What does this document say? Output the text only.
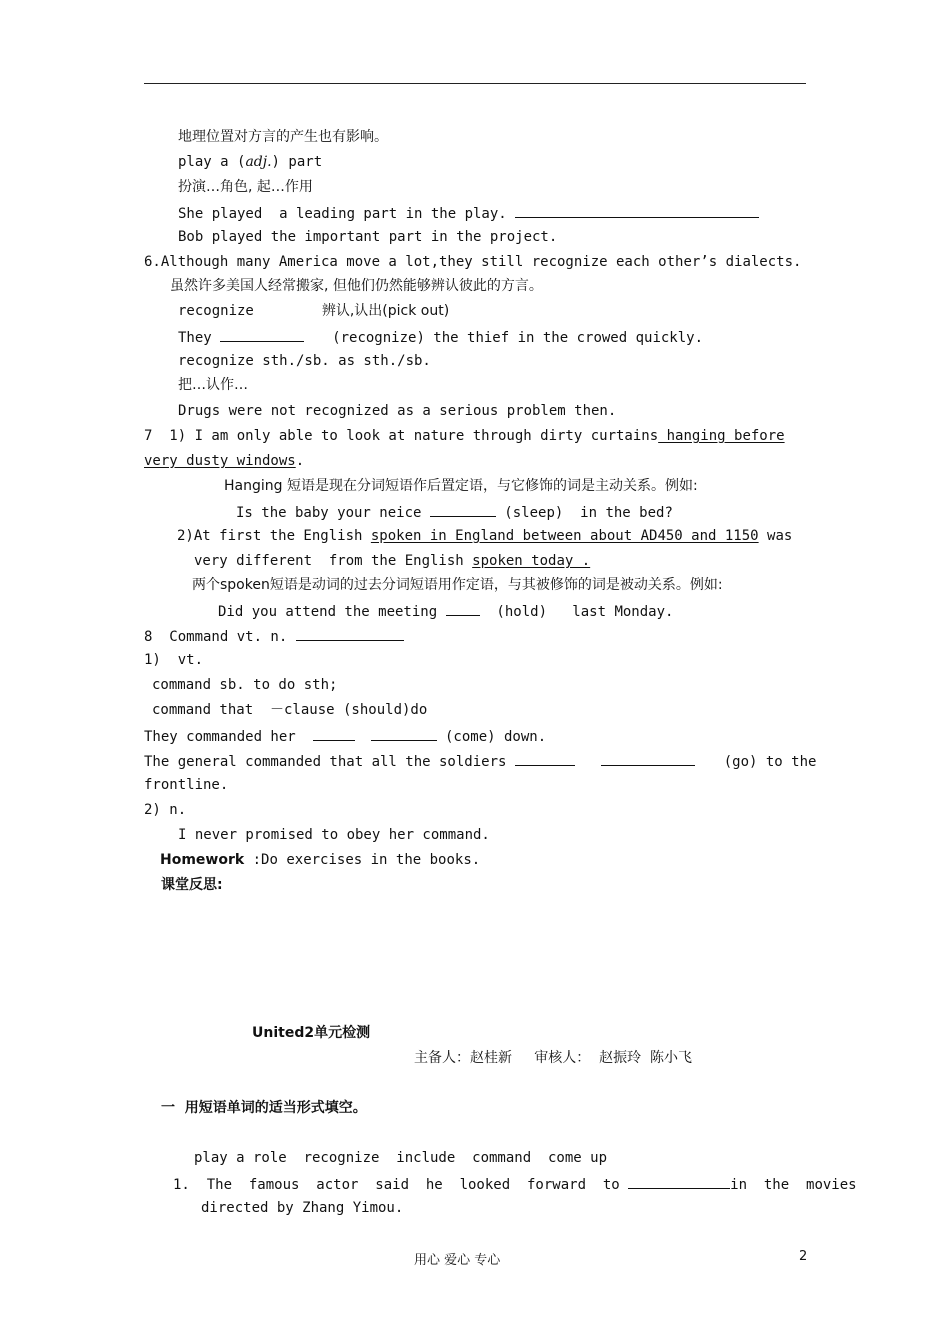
地理位置对方言的产生也有影响。
play a (adj.) part
扮演…角色, 起…作用
She played  a leading part in the play.
Bob played the important part in the project.
6.Although many America move a lot,they still recognize each other’s dialects.
虽然许多美国人经常搬家, 但他们仍然能够辨认彼此的方言。
recognize	辨认,认出(pick out)
They	(recognize) the thief in the crowed quickly.
recognize sth./sb. as sth./sb.
把…认作…
Drugs were not recognized as a serious problem then.
7  1) I am only able to look at nature through dirty curtains hanging before
very dusty windows.
Hanging 短语是现在分词短语作后置定语，与它修饰的词是主动关系。例如:
Is the baby your neice	(sleep)  in the bed?
2)At first the English spoken in England between about AD450 and 1150 was
very different  from the English spoken today .
两个spoken短语是动词的过去分词短语用作定语，与其被修饰的词是被动关系。例如:
Did you attend the meeting   (hold)   last Monday.
8  Command vt. n.
1)  vt.
command sb. to do sth;
command that  －clause (should)do
They commanded her	(come) down.
The general commanded that all the soldiers	(go) to the
frontline.
2) n.
I never promised to obey her command.
Homework :Do exercises in the books.
课堂反思:
United2单元检测
主备人：赵桂新     审核人：  赵振玲  陈小飞
一  用短语单词的适当形式填空。
play a role  recognize  include  command  come up
1.  The  famous  actor  said  he  looked  forward  to	in  the  movies
directed by Zhang Yimou.
用心 爱心 专心	2
